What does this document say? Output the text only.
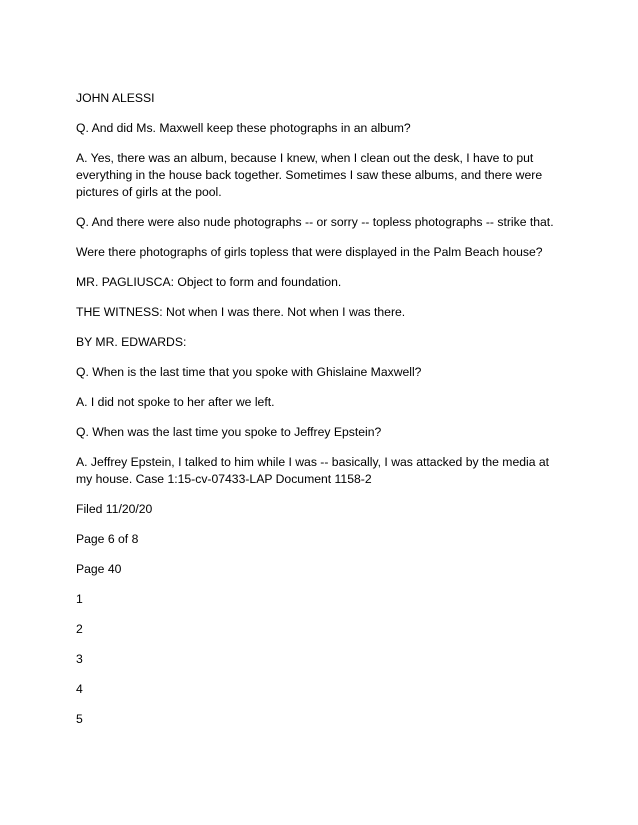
JOHN ALESSI

Q. And did Ms. Maxwell keep these photographs in an album?

A. Yes, there was an album, because I knew, when I clean out the desk, I have to put everything in the house back together. Sometimes I saw these albums, and there were pictures of girls at the pool.

Q. And there were also nude photographs -- or sorry -- topless photographs -- strike that.

Were there photographs of girls topless that were displayed in the Palm Beach house?

MR. PAGLIUSCA: Object to form and foundation.

THE WITNESS: Not when I was there. Not when I was there.

BY MR. EDWARDS:

Q. When is the last time that you spoke with Ghislaine Maxwell?

A. I did not spoke to her after we left.

Q. When was the last time you spoke to Jeffrey Epstein?

A. Jeffrey Epstein, I talked to him while I was -- basically, I was attacked by the media at my house. Case 1:15-cv-07433-LAP Document 1158-2

Filed 11/20/20

Page 6 of 8

Page 40

1

2

3

4

5
